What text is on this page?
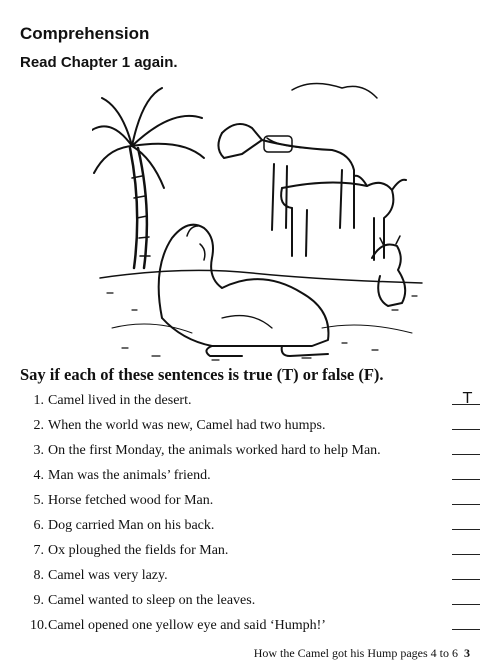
Comprehension
Read Chapter 1 again.
Say if each of these sentences is true (T) or false (F).
1. Camel lived in the desert.	T
2. When the world was new, Camel had two humps.
3. On the first Monday, the animals worked hard to help Man.
4. Man was the animals’ friend.
5. Horse fetched wood for Man.
6. Dog carried Man on his back.
7. Ox ploughed the fields for Man.
8. Camel was very lazy.
9. Camel wanted to sleep on the leaves.
10.Camel opened one yellow eye and said ‘Humph!’
How the Camel got his Hump pages 4 to 6 3
